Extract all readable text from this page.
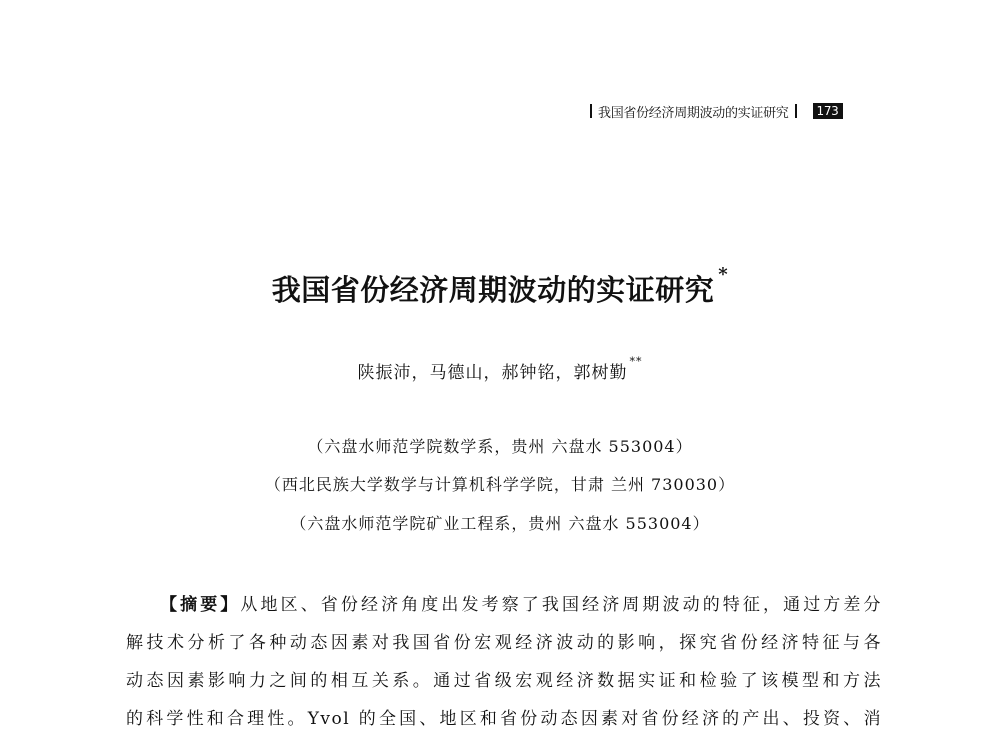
我国省份经济周期波动的实证研究	173
我国省份经济周期波动的实证研究 *
陕振沛，马德山，郝钟铭，郭树勤**
（六盘水师范学院数学系，贵州 六盘水 553004）
（西北民族大学数学与计算机科学学院，甘肃 兰州 730030）
（六盘水师范学院矿业工程系，贵州 六盘水 553004）
【摘要】从地区、省份经济角度出发考察了我国经济周期波动的特征，通过方差分
解技术分析了各种动态因素对我国省份宏观经济波动的影响，探究省份经济特征与各
动态因素影响力之间的相互关系。通过省级宏观经济数据实证和检验了该模型和方法
的科学性和合理性。Yvol 的全国、地区和省份动态因素对省份经济的产出、投资、消
